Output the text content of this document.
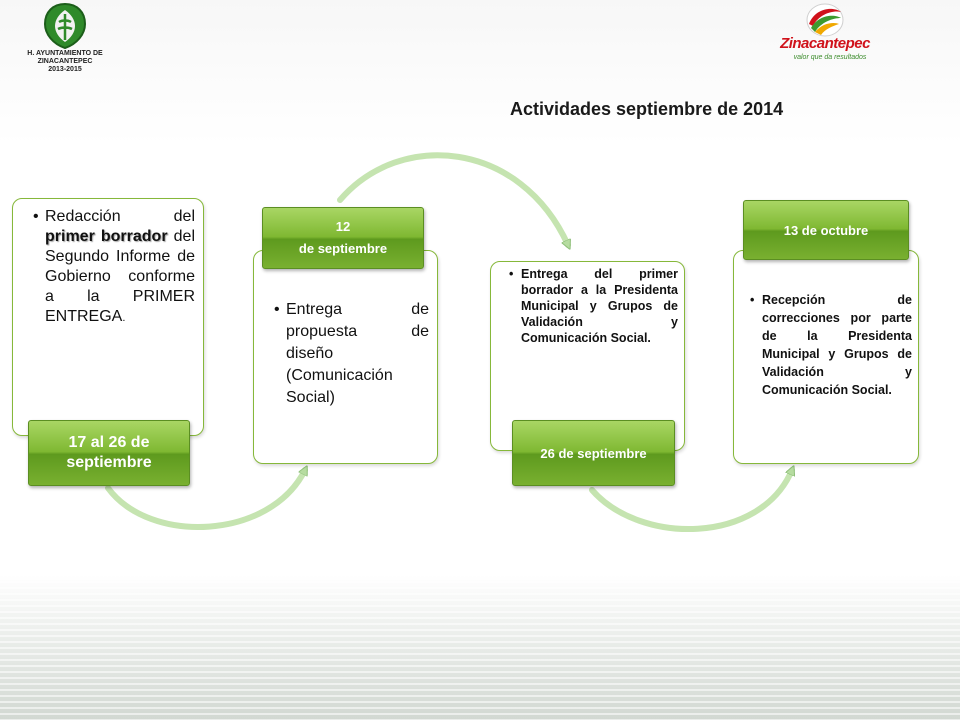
H. AYUNTAMIENTO DE
ZINACANTEPEC
2013-2015
Zinacantepec
valor que da resultados
Actividades septiembre de 2014
• Redacción del primer borrador del Segundo Informe de Gobierno conforme a la PRIMER ENTREGA.
17 al 26 de septiembre
• Entrega de propuesta de diseño (Comunicación Social)
12
de septiembre
• Entrega del primer borrador a la Presidenta Municipal y Grupos de Validación y Comunicación Social.
26 de septiembre
• Recepción de correcciones por parte de la Presidenta Municipal y Grupos de Validación y Comunicación Social.
13 de octubre
